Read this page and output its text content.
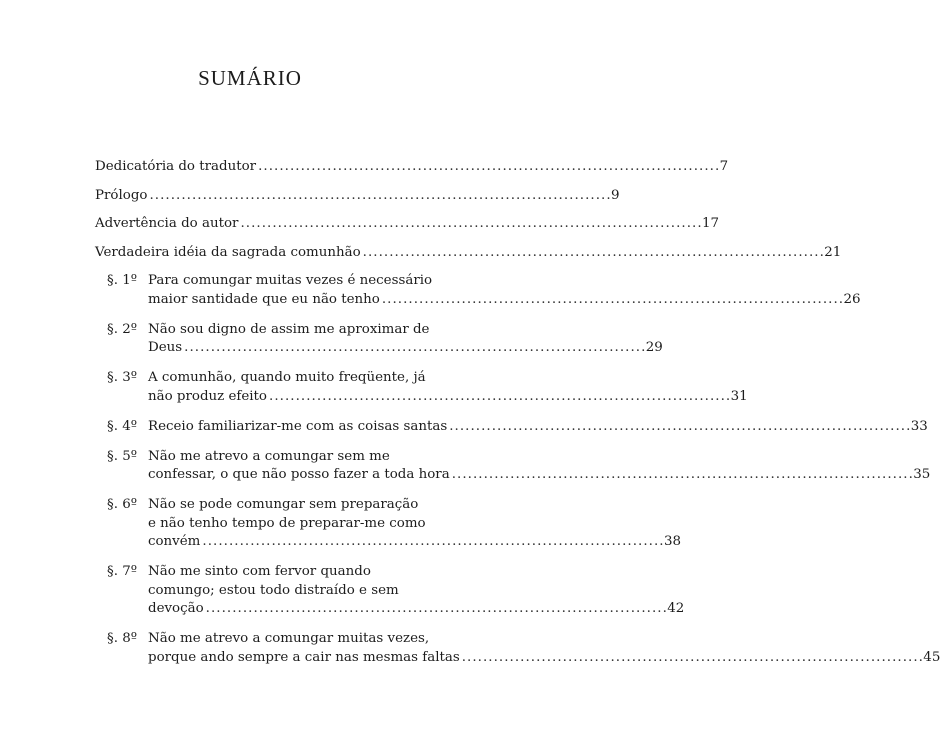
SUMÁRIO
Dedicatória do tradutor . . .	7
Prólogo . . .	9
Advertência do autor . . .	17
Verdadeira idéia da sagrada comunhão . . .	21
§. 1º Para comungar muitas vezes é necessário
maior santidade que eu não tenho . . .	26
§. 2º Não sou digno de assim me aproximar de
Deus . . .	29
§. 3º A comunhão, quando muito freqüente, já
não produz efeito . . .	31
§. 4º Receio familiarizar-me com as coisas santas . . .	33
§. 5º Não me atrevo a comungar sem me
confessar, o que não posso fazer a toda hora . . .	35
§. 6º Não se pode comungar sem preparação
e não tenho tempo de preparar-me como
convém . . .	38
§. 7º Não me sinto com fervor quando
comungo; estou todo distraído e sem
devoção . . .	42
§. 8º Não me atrevo a comungar muitas vezes,
porque ando sempre a cair nas mesmas faltas . . .	45
